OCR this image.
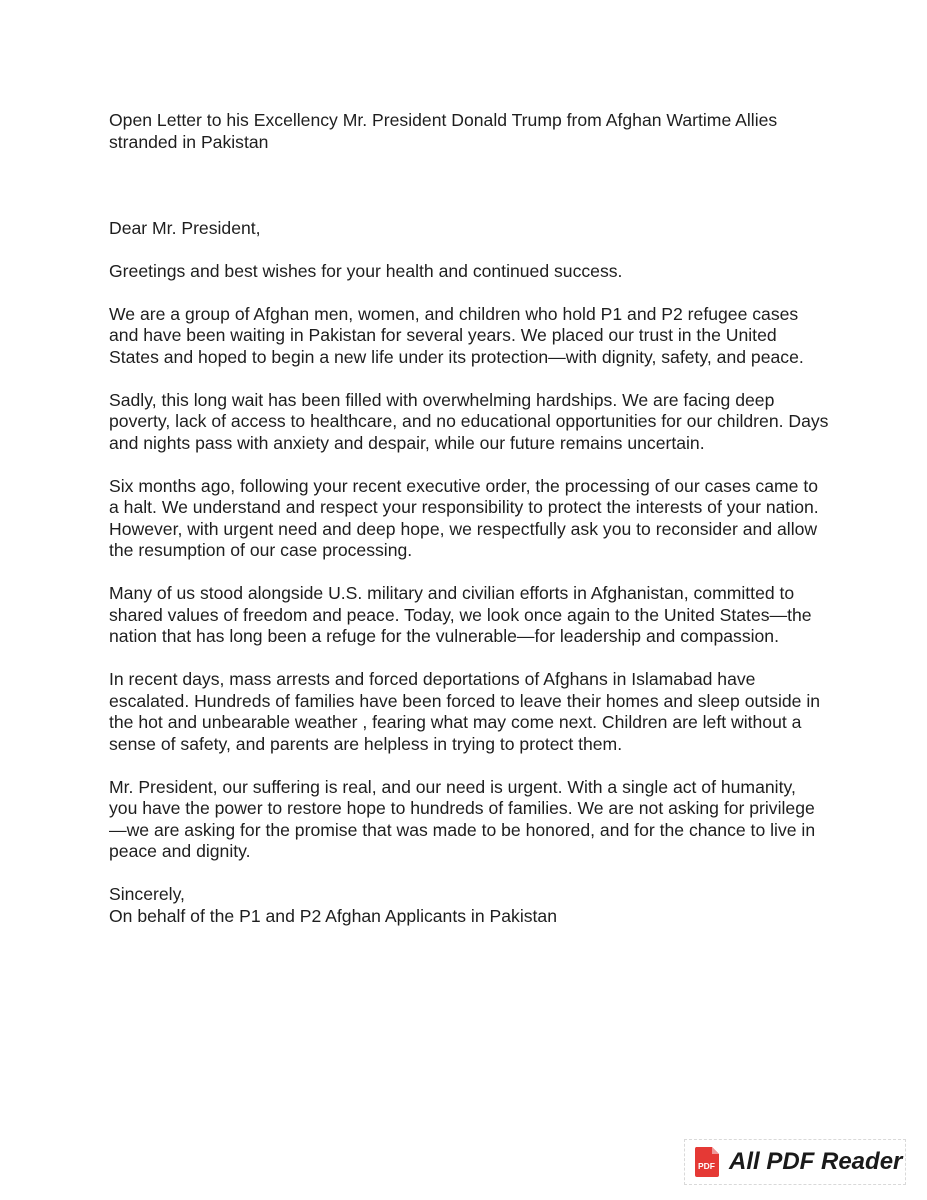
Open Letter to his Excellency Mr. President Donald Trump from Afghan Wartime Allies stranded in Pakistan

Dear Mr. President,

Greetings and best wishes for your health and continued success.

We are a group of Afghan men, women, and children who hold P1 and P2 refugee cases and have been waiting in Pakistan for several years. We placed our trust in the United States and hoped to begin a new life under its protection—with dignity, safety, and peace.

Sadly, this long wait has been filled with overwhelming hardships. We are facing deep poverty, lack of access to healthcare, and no educational opportunities for our children. Days and nights pass with anxiety and despair, while our future remains uncertain.

Six months ago, following your recent executive order, the processing of our cases came to a halt. We understand and respect your responsibility to protect the interests of your nation. However, with urgent need and deep hope, we respectfully ask you to reconsider and allow the resumption of our case processing.

Many of us stood alongside U.S. military and civilian efforts in Afghanistan, committed to shared values of freedom and peace. Today, we look once again to the United States—the nation that has long been a refuge for the vulnerable—for leadership and compassion.

In recent days, mass arrests and forced deportations of Afghans in Islamabad have escalated. Hundreds of families have been forced to leave their homes and sleep outside in the hot and unbearable weather , fearing what may come next. Children are left without a sense of safety, and parents are helpless in trying to protect them.

Mr. President, our suffering is real, and our need is urgent. With a single act of humanity, you have the power to restore hope to hundreds of families. We are not asking for privilege—we are asking for the promise that was made to be honored, and for the chance to live in peace and dignity.

Sincerely,
On behalf of the P1 and P2 Afghan Applicants in Pakistan

PDF All PDF Reader
